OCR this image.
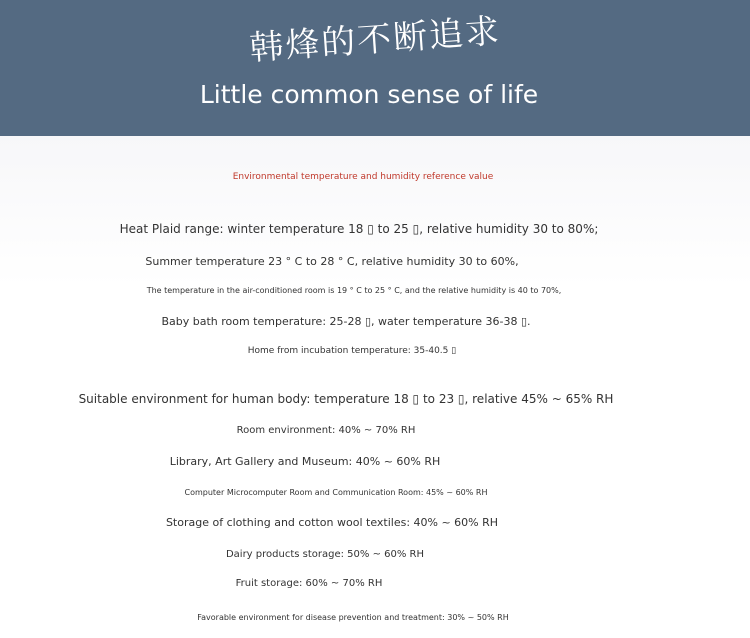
韩烽的不断追求
Little common sense of life
Environmental temperature and humidity reference value
Heat Plaid range: winter temperature 18 ▯ to 25 ▯, relative humidity 30 to 80%;
Summer temperature 23 ° C to 28 ° C, relative humidity 30 to 60%,
The temperature in the air-conditioned room is 19 ° C to 25 ° C, and the relative humidity is 40 to 70%,
Baby bath room temperature: 25-28 ▯, water temperature 36-38 ▯.
Home from incubation temperature: 35-40.5 ▯
Suitable environment for human body: temperature 18 ▯ to 23 ▯, relative 45% ~ 65% RH
Room environment: 40% ~ 70% RH
Library, Art Gallery and Museum: 40% ~ 60% RH
Computer Microcomputer Room and Communication Room: 45% ~ 60% RH
Storage of clothing and cotton wool textiles: 40% ~ 60% RH
Dairy products storage: 50% ~ 60% RH
Fruit storage: 60% ~ 70% RH
Favorable environment for disease prevention and treatment: 30% ~ 50% RH
